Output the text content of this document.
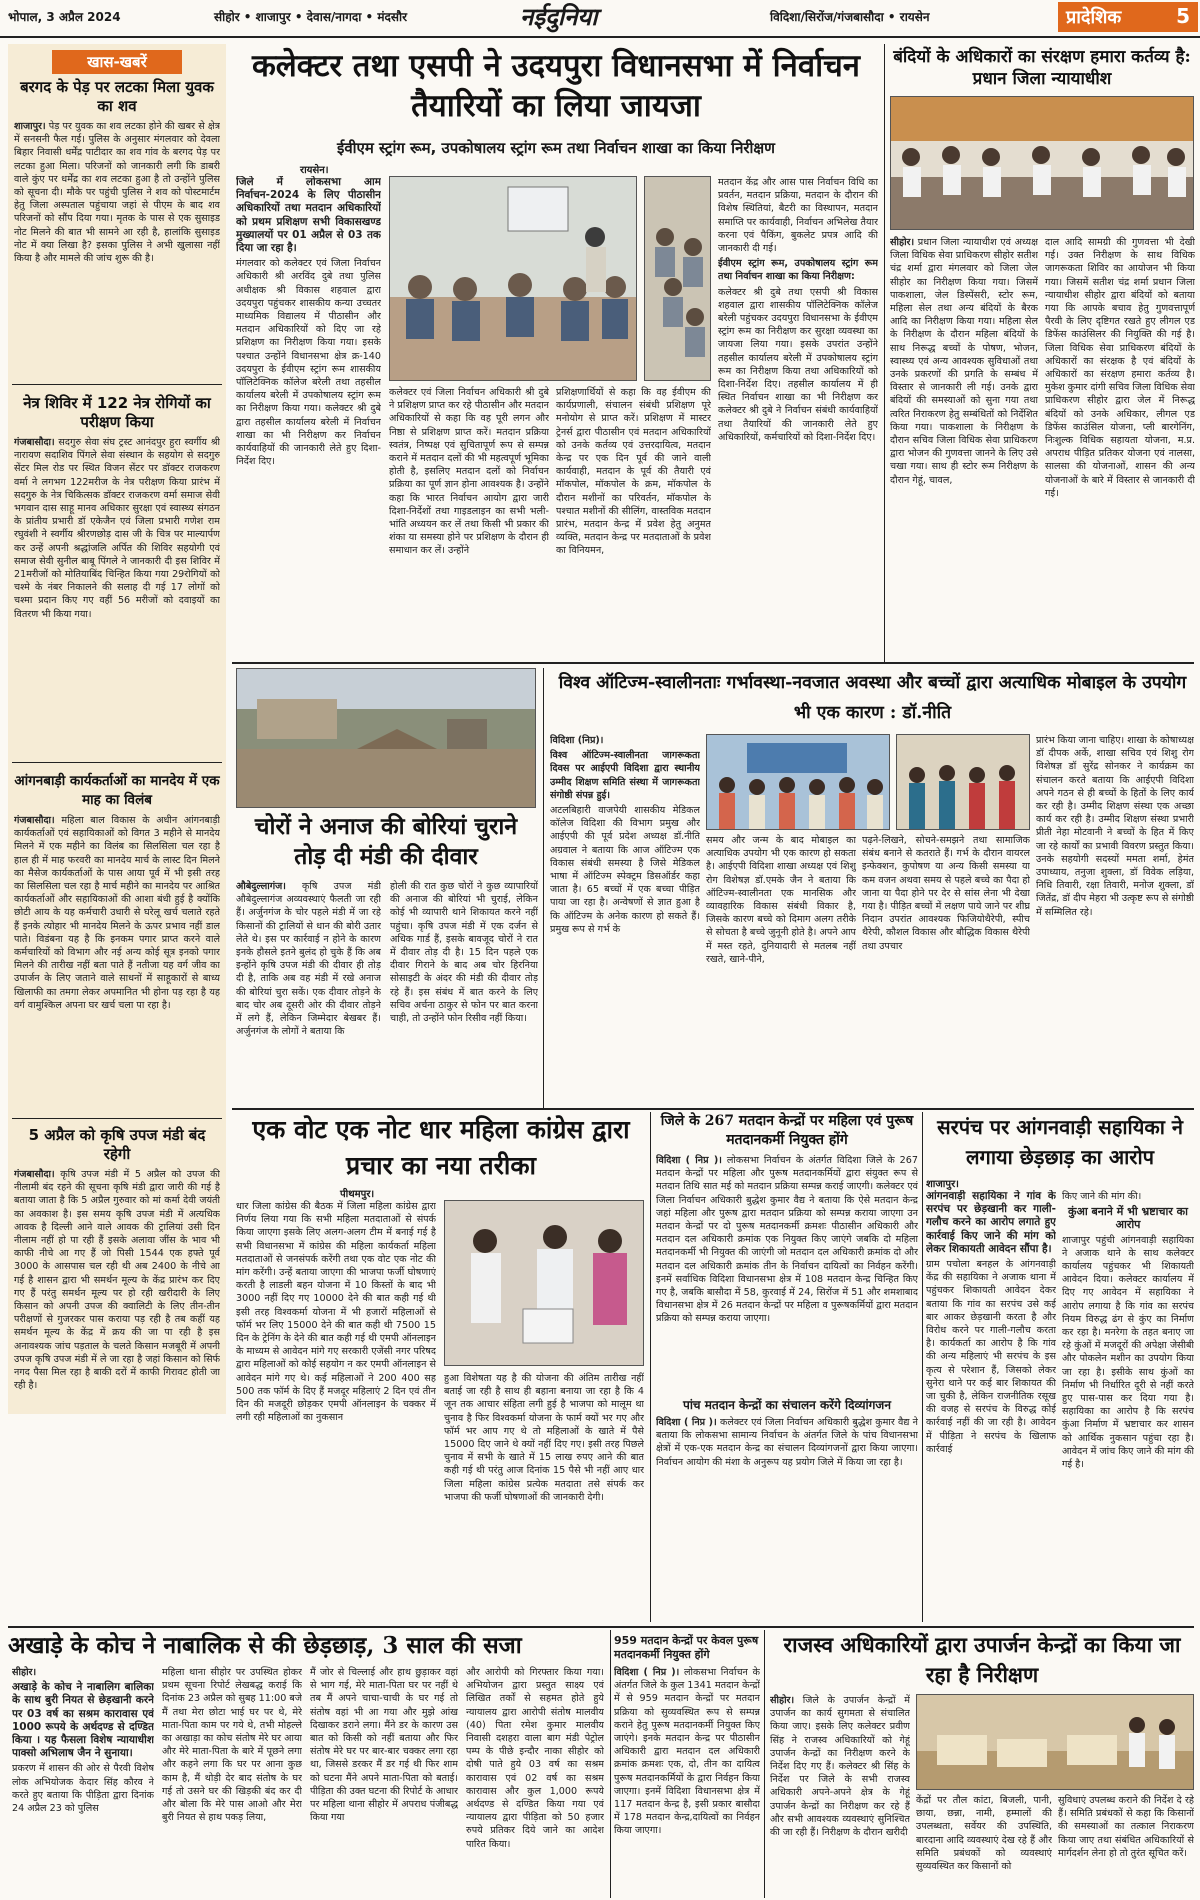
भोपाल, 3 अप्रैल 2024	सीहोर • शाजापुर • देवास/नागदा • मंदसौर	नईदुनिया	विदिशा/सिरोंज/गंजबासौदा • रायसेन	प्रादेशिक	5
खास-खबरें
बरगद के पेड़ पर लटका मिला युवक का शव
शाजापुर। पेड़ पर युवक का शव लटका होने की खबर से क्षेत्र में सनसनी फैल गई। पुलिस के अनुसार मंगलवार को देवला बिहार निवासी धर्मेंद्र पाटीदार का शव गांव के बरगद पेड़ पर लटका हुआ मिला। परिजनों को जानकारी लगी कि डाबरी वाले कुंए पर धर्मेंद्र का शव लटका हुआ है तो उन्होंने पुलिस को सूचना दी। मौके पर पहुंची पुलिस ने शव को पोस्टमार्टम हेतु जिला अस्पताल पहुंचाया जहां से पीएम के बाद शव परिजनों को सौंप दिया गया। मृतक के पास से एक सुसाइड नोट मिलने की बात भी सामने आ रही है, हालांकि सुसाइड नोट में क्या लिखा है? इसका पुलिस ने अभी खुलासा नहीं किया है और मामले की जांच शुरू की है।
नेत्र शिविर में 122 नेत्र रोगियों का परीक्षण किया
गंजबासौदा। सदगुरु सेवा संघ ट्रस्ट आनंदपुर हुरा स्वर्गीय श्री नारायण सदाशिव पिंगले सेवा संस्थान के सहयोग से सदगुरु सेंटर मिल रोड पर स्थित विजन सेंटर पर डॉक्टर राजकरण वर्मा ने लगभग 122मरीज के नेत्र परीक्षण किया प्रारंभ में सदगुरु के नेत्र चिकित्सक डॉक्टर राजकरण वर्मा समाज सेवी भगवान दास साहू मानव अधिकार सुरक्षा एवं स्वास्थ्य संगठन के प्रांतीय प्रभारी डॉ एकेजैन एवं जिला प्रभारी गणेश राम रघुवंशी ने स्वर्गीय श्रीरणछोड़ दास जी के चित्र पर माल्यार्पण कर उन्हें अपनी श्रद्धांजलि अर्पित की शिविर सहयोगी एवं समाज सेवी सुनील बाबू पिंगले ने जानकारी दी इस शिविर में 21मरीजों को मोतियाबिंद चिन्हित किया गया 29रोगियों को चश्मे के नंबर निकालने की सलाह दी गई 17 लोगों को चश्मा प्रदान किए गए वहीं 56 मरीजों को दवाइयों का वितरण भी किया गया।
आंगनबाड़ी कार्यकर्ताओं का मानदेय में एक माह का विलंब
गंजबासौदा। महिला बाल विकास के अधीन आंगनबाड़ी कार्यकर्ताओं एवं सहायिकाओं को विगत 3 महीने से मानदेय मिलने में एक महीने का विलंब का सिलसिला चल रहा है हाल ही में माह फरवरी का मानदेय मार्च के लास्ट दिन मिलने का मैसेज कार्यकर्ताओं के पास आया पूर्व में भी इसी तरह का सिलसिला चल रहा है मार्च महीने का मानदेय पर आश्रित कार्यकर्ताओं और सहायिकाओं की आशा बंधी हुई है क्योंकि छोटी आय के यह कर्मचारी उधारी से घरेलू खर्च चलाते रहते हैं इनके त्योहार भी मानदेय मिलने के ऊपर प्रभाव नहीं डाल पाते। विडंबना यह है कि इनकम पगार प्राप्त करने वाले कर्मचारियों को विभाग और नई अन्य कोई सूत्र इनको पगार मिलने की तारीख नहीं बता पाते हैं नतीजा यह वर्ग जीव का उपार्जन के लिए जताने वाले साधनों में साहूकारों से बाध्य खिलाफी का तमगा लेकर अपमानित भी होना पड़ रहा है यह वर्ग वामुश्किल अपना घर खर्च चला पा रहा है।
5 अप्रैल को कृषि उपज मंडी बंद रहेगी
गंजबासौदा। कृषि उपज मंडी में 5 अप्रैल को उपज की नीलामी बंद रहने की सूचना कृषि मंडी द्वारा जारी की गई है बताया जाता है कि 5 अप्रैल गुरुवार को मां कर्मा देवी जयंती का अवकाश है। इस समय कृषि उपज मंडी में अत्यधिक आवक है दिल्ली आने वाले आवक की ट्रालियां उसी दिन नीलाम नहीं हो पा रही हैं इसके अलावा जींस के भाव भी काफी नीचे आ गए हैं जो पिसी 1544 एक हफ्ते पूर्व 3000 के आसपास चल रही थी अब 2400 के नीचे आ गई है शासन द्वारा भी समर्थन मूल्य के केंद्र प्रारंभ कर दिए गए हैं परंतु समर्थन मूल्य पर हो रही खरीदारी के लिए किसान को अपनी उपज की क्वालिटी के लिए तीन-तीन परीक्षणों से गुजरकर पास कराया पड़ रही है तब कहीं यह समर्थन मूल्य के केंद्र में क्रय की जा पा रही है इस अनावश्यक जांच पड़ताल के चलते किसान मजबूरी में अपनी उपज कृषि उपज मंडी में ले जा रहा है जहां किसान को सिर्फ नगद पैसा मिल रहा है बाकी दरों में काफी गिरावट होती जा रही है।
कलेक्टर तथा एसपी ने उदयपुरा विधानसभा में निर्वाचन तैयारियों का लिया जायजा
ईवीएम स्ट्रांग रूम, उपकोषालय स्ट्रांग रूम तथा निर्वाचन शाखा का किया निरीक्षण
रायसेन।

जिले में लोकसभा आम निर्वाचन-2024 के लिए पीठासीन अधिकारियों तथा मतदान अधिकारियों को प्रथम प्रशिक्षण सभी विकासखण्ड मुख्यालयों पर 01 अप्रैल से 03 तक दिया जा रहा है।

मंगलवार को कलेक्टर एवं जिला निर्वाचन अधिकारी श्री अरविंद दुबे तथा पुलिस अधीक्षक श्री विकास शहवाल द्वारा उदयपुरा पहुंचकर शासकीय कन्या उच्चतर माध्यमिक विद्यालय में पीठासीन और मतदान अधिकारियों को दिए जा रहे प्रशिक्षण का निरीक्षण किया गया। इसके पश्चात उन्होंने विधानसभा क्षेत्र क्र-140 उदयपुरा के ईवीएम स्ट्रांग रूम शासकीय पॉलिटेक्निक कॉलेज बरेली तथा तहसील कार्यालय बरेली में उपकोषालय स्ट्रांग रूम का निरीक्षण किया गया। कलेक्टर श्री दुबे द्वारा तहसील कार्यालय बरेली में निर्वाचन शाखा का भी निरीक्षण कर निर्वाचन कार्यवाहियों की जानकारी लेते हुए दिशा-निर्देश दिए।

कलेक्टर एवं जिला निर्वाचन अधिकारी श्री दुबे ने प्रशिक्षण प्राप्त कर रहे पीठासीन और मतदान अधिकारियों से कहा कि वह पूरी लगन और निष्ठा से प्रशिक्षण प्राप्त करें। मतदान प्रक्रिया स्वतंत्र, निष्पक्ष एवं सुचितापूर्ण रूप से सम्पन्न कराने में मतदान दलों की भी महत्वपूर्ण भूमिका होती है, इसलिए मतदान दलों को निर्वाचन प्रक्रिया का पूर्ण ज्ञान होना आवश्यक है। उन्होंने कहा कि भारत निर्वाचन आयोग द्वारा जारी दिशा-निर्देशों तथा गाइडलाइन का सभी भली-भांति अध्ययन कर लें तथा किसी भी प्रकार की शंका या समस्या होने पर प्रशिक्षण के दौरान ही समाधान कर लें। उन्होंने
प्रशिक्षणार्थियों से कहा कि वह ईवीएम की कार्यप्रणाली, संचालन संबंधी प्रशिक्षण पूरे मनोयोग से प्राप्त करें। प्रशिक्षण में मास्टर ट्रेनर्स द्वारा पीठासीन एवं मतदान अधिकारियों को उनके कर्तव्य एवं उत्तरदायित्व, मतदान केन्द्र पर एक दिन पूर्व की जाने वाली कार्यवाही, मतदान के पूर्व की तैयारी एवं मॉकपोल, मॉकपोल के क्रम, मॉकपोल के दौरान मशीनों का परिवर्तन, मॉकपोल के पश्चात मशीनों की सीलिंग, वास्तविक मतदान प्रारंभ, मतदान केन्द्र में प्रवेश हेतु अनुमत व्यक्ति, मतदान केन्द्र पर मतदाताओं के प्रवेश का विनियमन,

मतदान केंद्र और आस पास निर्वाचन विधि का प्रवर्तन, मतदान प्रक्रिया, मतदान के दौरान की विशेष स्थितियां, बैटरी का विस्थापन, मतदान समाप्ति पर कार्यवाही, निर्वाचन अभिलेख तैयार करना एवं पैकिंग, बुकलेट प्रपत्र आदि की जानकारी दी गई।

ईवीएम स्ट्रांग रूम, उपकोषालय स्ट्रांग रूम तथा निर्वाचन शाखा का किया निरीक्षण:

कलेक्टर श्री दुबे तथा एसपी श्री विकास शहवाल द्वारा शासकीय पॉलिटेक्निक कॉलेज बरेली पहुंचकर उदयपुरा विधानसभा के ईवीएम स्ट्रांग रूम का निरीक्षण कर सुरक्षा व्यवस्था का जायजा लिया गया। इसके उपरांत उन्होंने तहसील कार्यालय बरेली में उपकोषालय स्ट्रांग रूम का निरीक्षण किया तथा अधिकारियों को दिशा-निर्देश दिए। तहसील कार्यालय में ही स्थित निर्वाचन शाखा का भी निरीक्षण कर कलेक्टर श्री दुबे ने निर्वाचन संबंधी कार्यवाहियों तथा तैयारियों की जानकारी लेते हुए अधिकारियों, कर्मचारियों को दिशा-निर्देश दिए।

बंदियों के अधिकारों का संरक्षण हमारा कर्तव्य है: प्रधान जिला न्यायाधीश
सीहोर। प्रधान जिला न्यायाधीश एवं अध्यक्ष जिला विधिक सेवा प्राधिकरण सीहोर सतीश चंद्र शर्मा द्वारा मंगलवार को जिला जेल सीहोर का निरीक्षण किया गया। जिसमें पाकशाला, जेल डिस्पेंसरी, स्टोर रूम, महिला सेल तथा अन्य बंदियों के बैरक आदि का निरीक्षण किया गया। महिला सेल के निरीक्षण के दौरान महिला बंदियों के साथ निरूद्ध बच्चों के पोषण, भोजन, स्वास्थ्य एवं अन्य आवश्यक सुविधाओं तथा उनके प्रकरणों की प्रगति के सम्बंध में विस्तार से जानकारी ली गई। उनके द्वारा बंदियों की समस्याओं को सुना गया तथा त्वरित निराकरण हेतु सम्बंधितों को निर्देशित किया गया। पाकशाला के निरीक्षण के दौरान सचिव जिला विधिक सेवा प्राधिकरण द्वारा भोजन की गुणवत्ता जानने के लिए उसे चखा गया। साथ ही स्टोर रूम निरीक्षण के दौरान गेहूं, चावल,
दाल आदि सामग्री की गुणवत्ता भी देखी गई। उक्त निरीक्षण के साथ विधिक जागरूकता शिविर का आयोजन भी किया गया। जिसमें सतीश चंद्र शर्मा प्रधान जिला न्यायाधीश सीहोर द्वारा बंदियों को बताया गया कि आपके बचाव हेतु गुणवत्तापूर्ण पैरवी के लिए दृष्टिगत रखते हुए लीगल एड डिफेंस काउंसिलर की नियुक्ति की गई है। जिला विधिक सेवा प्राधिकरण बंदियों के अधिकारों का संरक्षक है एवं बंदियों के अधिकारों का संरक्षण हमारा कर्तव्य है। मुकेश कुमार दांगी सचिव जिला विधिक सेवा प्राधिकरण सीहोर द्वारा जेल में निरूद्ध बंदियों को उनके अधिकार, लीगल एड डिफेंस काउंसिल योजना, प्ली बारगेनिंग, निःशुल्क विधिक सहायता योजना, म.प्र. अपराध पीड़ित प्रतिकर योजना एवं नालसा, सालसा की योजनाओं, शासन की अन्य योजनाओं के बारे में विस्तार से जानकारी दी गई।
चोरों ने अनाज की बोरियां चुराने तोड़ दी मंडी की दीवार
औबेदुल्लागंज। कृषि उपज मंडी औबेदुल्लागंज अव्यवस्थाएं फैलती जा रही हैं। अर्जुनगंज के चोर पहले मंडी में जा रहे किसानों की ट्रालियों से धान की बोरी उतार लेते थे। इस पर कार्रवाई न होने के कारण इनके हौसले इतने बुलंद हो चुके हैं कि अब इन्होंने कृषि उपज मंडी की दीवार ही तोड़ दी है, ताकि अब वह मंडी में रखे अनाज की बोरियां चुरा सकें। एक दीवार तोड़ने के बाद चोर अब दूसरी ओर की दीवार तोड़ने में लगे हैं, लेकिन जिम्मेदार बेखबर हैं। अर्जुनगंज के लोगों ने बताया कि
होली की रात कुछ चोरों ने कुछ व्यापारियों की अनाज की बोरियां भी चुराई, लेकिन कोई भी व्यापारी थाने शिकायत करने नहीं पहुंचा। कृषि उपज मंडी में एक दर्जन से अधिक गार्ड हैं, इसके बावजूद चोरों ने रात में दीवार तोड़ दी है। 15 दिन पहले एक दीवार गिराने के बाद अब चोर हिरनिया सोसाइटी के अंदर की मंडी की दीवार तोड़ रहे हैं। इस संबंध में बात करने के लिए सचिव अर्चना ठाकुर से फोन पर बात करना चाही, तो उन्होंने फोन रिसीव नहीं किया।
विश्व ऑटिज्म-स्वालीनताः गर्भावस्था-नवजात अवस्था और बच्चों द्वारा अत्याधिक मोबाइल के उपयोग भी एक कारण : डॉ.नीति

विदिशा (निप्र)।

विश्व ऑटिज्म-स्वालीनता जागरूकता दिवस पर आईएपी विदिशा द्वारा स्थानीय उम्मीद शिक्षण समिति संस्था में जागरूकता संगोष्ठी संपन्न हुई।

अटलबिहारी वाजपेयी शासकीय मेडिकल कॉलेज विदिशा की विभाग प्रमुख और आईएपी की पूर्व प्रदेश अध्यक्ष डॉ.नीति अग्रवाल ने बताया कि आज ऑटिज्म एक विकास संबंधी समस्या है जिसे मेडिकल भाषा में ऑटिज्म स्पेक्ट्रम डिसऑर्डर कहा जाता है। 65 बच्चों में एक बच्चा पीड़ित पाया जा रहा है। अन्वेषणों से ज्ञात हुआ है कि ऑटिज्म के अनेक कारण हो सकते हैं। प्रमुख रूप से गर्भ के

समय और जन्म के बाद मोबाइल का अत्याधिक उपयोग भी एक कारण हो सकता है। आईएपी विदिशा शाखा अध्यक्ष एवं शिशु रोग विशेषज्ञ डॉ.एमके जैन ने बताया कि ऑटिज्म-स्वालीनता एक मानसिक और व्यावहारिक विकास संबंधी विकार है, जिसके कारण बच्चे को दिमाग अलग तरीके से सोचता है बच्चे जुनूनी होते है। अपने आप में मस्त रहते, दुनियादारी से मतलब नहीं रखते, खाने-पीने,
पढ़ने-लिखने, सोचने-समझने तथा सामाजिक संबंध बनाने से कतराते हैं। गर्भ के दौरान वायरल इन्फेक्शन, कुपोषण या अन्य किसी समस्या या कम वजन अथवा समय से पहले बच्चे का पैदा हो जाना या पैदा होने पर देर से सांस लेना भी देखा गया है। पीड़ित बच्चों में लक्षण पाये जाने पर शीघ्र निदान उपरांत आवश्यक फिजियोथैरेपी, स्पीच थैरेपी, कौशल विकास और बौद्धिक विकास थैरेपी तथा उपचार
प्रारंभ किया जाना चाहिए। शाखा के कोषाध्यक्ष डॉ दीपक अर्के, शाखा सचिव एवं शिशु रोग विशेषज्ञ डॉ सुरेंद्र सोनकर ने कार्यक्रम का संचालन करते बताया कि आईएपी विदिशा अपने गठन से ही बच्चों के हितों के लिए कार्य कर रही है। उम्मीद शिक्षण संस्था एक अच्छा कार्य कर रही है। उम्मीद शिक्षण संस्था प्रभारी प्रीती नेहा मोटवानी ने बच्चों के हित में किए जा रहे कार्यों का प्रभावी विवरण प्रस्तुत किया। उनके सहयोगी सदस्यों ममता शर्मा, हेमंत उपाध्याय, तनुजा शुक्ला, डॉ विवेक लड़िया, निधि तिवारी, रक्षा तिवारी, मनोज शुक्ला, डॉ जितेंद्र, डॉ दीप मेहरा भी उत्कृष्ट रूप से संगोष्ठी में सम्मिलित रहे।
एक वोट एक नोट धार महिला कांग्रेस द्वारा प्रचार का नया तरीका
पीथमपुर।
धार जिला कांग्रेस की बैठक में जिला महिला कांग्रेस द्वारा निर्णय लिया गया कि सभी महिला मतदाताओं से संपर्क किया जाएगा इसके लिए अलग-अलग टीम में बनाई गई है सभी विधानसभा में कांग्रेस की महिला कार्यकर्ता महिला मतदाताओं से जनसंपर्क करेंगी तथा एक वोट एक नोट की मांग करेंगी। उन्हें बताया जाएगा की भाजपा फर्जी घोषणाएं करती है लाडली बहन योजना में 10 किस्तों के बाद भी 3000 नहीं दिए गए 10000 देने की बात कही गई थी इसी तरह विश्वकर्मा योजना में भी हजारों महिलाओं से फॉर्म भर लिए 15000 देने की बात कही थी 7500 15 दिन के ट्रेनिंग के देने की बात कही गई थी एमपी ऑनलाइन के माध्यम से आवेदन मांगे गए सरकारी एजेंसी नगर परिषद द्वारा महिलाओं को कोई सहयोग न कर एमपी ऑनलाइन से आवेदन मांगे गए थे। कई महिलाओं ने 200 400 सह 500 तक फॉर्म के दिए हैं मजदूर महिलाएं 2 दिन एवं तीन दिन की मजदूरी छोड़कर एमपी ऑनलाइन के चक्कर में लगी रही महिलाओं का नुकसान
हुआ विशेषता यह है की योजना की अंतिम तारीख नहीं बताई जा रही है साथ ही बहाना बनाया जा रहा है कि 4 जून तक आचार संहिता लगी हुई है भाजपा को मालूम था चुनाव है फिर विश्वकर्मा योजना के फार्म क्यों भर गए और फॉर्म भर आप गए थे तो महिलाओं के खाते में पैसे 15000 दिए जाने थे क्यों नहीं दिए गए। इसी तरह पिछले चुनाव में सभी के खाते में 15 लाख रुपए आने की बात कही गई थी परंतु आज दिनांक 15 पैसे भी नहीं आए धार जिला महिला कांग्रेस प्रत्येक मतदाता तसे संपर्क कर भाजपा की फर्जी घोषणाओं की जानकारी देगी।
जिले के 267 मतदान केन्द्रों पर महिला एवं पुरूष मतदानकर्मी नियुक्त होंगे
विदिशा ( निप्र )। लोकसभा निर्वाचन के अंतर्गत विदिशा जिले के 267 मतदान केन्द्रों पर महिला और पुरूष मतदानकर्मियों द्वारा संयुक्त रूप से मतदान तिथि सात मई को मतदान प्रक्रिया सम्पन्न कराई जाएगी। कलेक्टर एवं जिला निर्वाचन अधिकारी बुद्धेश कुमार वैद्य ने बताया कि ऐसे मतदान केन्द्र जहां महिला और पुरूष द्वारा मतदान प्रक्रिया को सम्पन्न कराया जाएगा उन मतदान केन्द्रों पर दो पुरूष मतदानकर्मी क्रमशः पीठासीन अधिकारी और मतदान दल अधिकारी क्रमांक एक नियुक्त किए जाएंगे जबकि दो महिला मतदानकर्मी भी नियुक्त की जाएंगी जो मतदान दल अधिकारी क्रमांक दो और मतदान दल अधिकारी क्रमांक तीन के निर्वाचन दायित्वों का निर्वहन करेंगी। इनमें सर्वाधिक विदिशा विधानसभा क्षेत्र में 108 मतदान केन्द्र चिन्हित किए गए है, जबकि बासौदा में 58, कुरवाई में 24, सिरोंज में 51 और शमशाबाद विधानसभा क्षेत्र में 26 मतदान केन्द्रों पर महिला व पुरूषकर्मियों द्वारा मतदान प्रक्रिया को सम्पन्न कराया जाएगा।
पांच मतदान केन्द्रों का संचालन करेंगे दिव्यांगजन
विदिशा ( निप्र )। कलेक्टर एवं जिला निर्वाचन अधिकारी बुद्धेश कुमार वैद्य ने बताया कि लोकसभा सामान्य निर्वाचन के अंतर्गत जिले के पांच विधानसभा क्षेत्रों में एक-एक मतदान केन्द्र का संचालन दिव्यांगजनों द्वारा किया जाएगा। निर्वाचन आयोग की मंशा के अनुरूप यह प्रयोग जिले में किया जा रहा है।
सरपंच पर आंगनवाड़ी सहायिका ने लगाया छेड़छाड़ का आरोप
शाजापुर।

आंगनवाड़ी सहायिका ने गांव के सरपंच पर छेड़खानी कर गाली-गलौच करने का आरोप लगाते हुए कार्रवाई किए जाने की मांग को लेकर शिकायती आवेदन सौंपा है।

ग्राम पचोला बनहल के आंगनवाड़ी केंद्र की सहायिका ने अजाक थाना में पहुंचकर शिकायती आवेदन देकर बताया कि गांव का सरपंच उसे कई बार आकर छेड़खानी करता है और विरोध करने पर गाली-गलौच करता है। कार्यकर्ता का आरोप है कि गांव की अन्य महिलाएं भी सरपंच के इस कृत्य से परेशान हैं, जिसको लेकर सुनेरा थाने पर कई बार शिकायत की जा चुकी है, लेकिन राजनीतिक रसूख की वजह से सरपंच के विरुद्ध कोई कार्रवाई नहीं की जा रही है। आवेदन में पीड़िता ने सरपंच के खिलाफ कार्रवाई

किए जाने की मांग की।

कुंआ बनाने में भी भ्रष्टाचार का आरोप

शाजापुर पहुंची आंगनवाड़ी सहायिका ने अजाक थाने के साथ कलेक्टर कार्यालय पहुंचकर भी शिकायती आवेदन दिया। कलेक्टर कार्यालय में दिए गए आवेदन में सहायिका ने आरोप लगाया है कि गांव का सरपंच नियम विरुद्ध ढंग से कुंए का निर्माण कर रहा है। मनरेगा के तहत बनाए जा रहे कुंओं में मजदूरों की अपेक्षा जेसीबी और पोकलेन मशीन का उपयोग किया जा रहा है। इसीके साथ कुंओं का निर्माण भी निर्धारित दूरी से नहीं करते हुए पास-पास कर दिया गया है। सहायिका का आरोप है कि सरपंच कुंआ निर्माण में भ्रष्टाचार कर शासन को आर्थिक नुकसान पहुंचा रहा है। आवेदन में जांच किए जाने की मांग की गई है।

अखाड़े के कोच ने नाबालिक से की छेड़छाड़, 3 साल की सजा

सीहोर।

अखाड़े के कोच ने नाबालिग बालिका के साथ बुरी नियत से छेड़खानी करने पर 03 वर्ष का सश्रम कारावास एवं 1000 रूपये के अर्थदण्ड से दण्डित किया । यह फैसला विशेष न्यायाधीश पाक्सो अभिलाष जैन ने सुनाया।

प्रकरण में शासन की ओर से पैरवी विशेष लोक अभियोजक केदार सिंह कौरव ने करते हुए बताया कि पीड़िता द्वारा दिनांक 24 अप्रैल 23 को पुलिस

महिला थाना सीहोर पर उपस्थित होकर प्रथम सूचना रिपोर्ट लेखबद्ध कराई कि दिनांक 23 अप्रैल को सुबह 11:00 बजे मैं तथा मेरा छोटा भाई घर पर थे, मेरे माता-पिता काम पर गये थे, तभी मोहल्ले का अखाड़ा का कोच संतोष मेरे घर आया और मेरे माता-पिता के बारे में पूछने लगा और कहने लगा कि घर पर आना कुछ काम है, मैं थोड़ी देर बाद संतोष के घर गई तो उसने घर की खिड़की बंद कर दी और बोला कि मेरे पास आओ और मेरा बुरी नियत से हाथ पकड़ लिया,
मैं जोर से चिल्लाई और हाथ छुड़ाकर वहां से भाग गई, मेरे माता-पिता घर पर नहीं थे तब मैं अपने चाचा-चाची के घर गई तो संतोष वहां भी आ गया और मुझे आंख दिखाकर डराने लगा। मैंने डर के कारण उस बात को किसी को नहीं बताया और फिर संतोष मेरे घर पर बार-बार चक्कर लगा रहा था, जिससे डरकर मैं डर गई थी फिर शाम को घटना मैंने अपने माता-पिता को बताई। पीड़िता की उक्त घटना की रिपोर्ट के आधार पर महिला थाना सीहोर में अपराध पंजीबद्ध किया गया
और आरोपी को गिरफ्तार किया गया। अभियोजन द्वारा प्रस्तुत साक्ष्य एवं लिखित तर्कों से सहमत होते हुये न्यायालय द्वारा आरोपी संतोष मालवीय (40) पिता रमेश कुमार मालवीय निवासी दशहरा वाला बाग मंडी पेट्रोल पम्प के पीछे इन्दौर नाका सीहोर को दोषी पाते हुये 03 वर्ष का सश्रम कारावास एवं 02 वर्ष का सश्रम कारावास और कुल 1,000 रूपये अर्थदण्ड से दण्डित किया गया एवं न्यायालय द्वारा पीड़िता को 50 हजार रुपये प्रतिकर दिये जाने का आदेश पारित किया।
959 मतदान केन्द्रों पर केवल पुरूष मतदानकर्मी नियुक्त होंगे
विदिशा ( निप्र )। लोकसभा निर्वाचन के अंतर्गत जिले के कुल 1341 मतदान केन्द्रों में से 959 मतदान केन्द्रों पर मतदान प्रक्रिया को सुव्यवस्थित रूप से सम्पन्न कराने हेतु पुरूष मतदानकर्मी नियुक्त किए जाएंगे। इनके मतदान केन्द्र पर पीठासीन अधिकारी द्वारा मतदान दल अधिकारी क्रमांक क्रमशः एक, दो, तीन का दायित्व पुरूष मतदानकर्मियों के द्वारा निर्वहन किया जाएगा। इनमें विदिशा विधानसभा क्षेत्र में 117 मतदान केन्द्र है, इसी प्रकार बासौदा में 178 मतदान केन्द्र,दायित्वों का निर्वहन किया जाएगा।
राजस्व अधिकारियों द्वारा उपार्जन केन्द्रों का किया जा रहा है निरीक्षण
सीहोर। जिले के उपार्जन केन्द्रों में उपार्जन का कार्य सुगमता से संचालित किया जाए। इसके लिए कलेक्टर प्रवीण सिंह ने राजस्व अधिकारियों को गेहूं उपार्जन केन्द्रों का निरीक्षण करने के निर्देश दिए गए हैं। कलेक्टर श्री सिंह के निर्देश पर जिले के सभी राजस्व अधिकारी अपने-अपने क्षेत्र के गेहूं उपार्जन केन्द्रों का निरीक्षण कर रहे हैं और सभी आवश्यक व्यवस्थाएं सुनिश्चित की जा रही हैं। निरीक्षण के दौरान खरीदी
केंद्रों पर तौल कांटा, बिजली, पानी, छाया, छन्ना, नामी, हम्मालों की उपलब्धता, सर्वेयर की उपस्थिति, बारदाना आदि व्यवस्थाएं देख रहे हैं और समिति प्रबंधकों को व्यवस्थाएं सुव्यवस्थित कर किसानों को
सुविधाएं उपलब्ध कराने की निर्देश दे रहे हैं। समिति प्रबंधकों से कहा कि किसानों की समस्याओं का तत्काल निराकरण किया जाए तथा संबंधित अधिकारियों से मार्गदर्शन लेना हो तो तुरंत सूचित करें।
